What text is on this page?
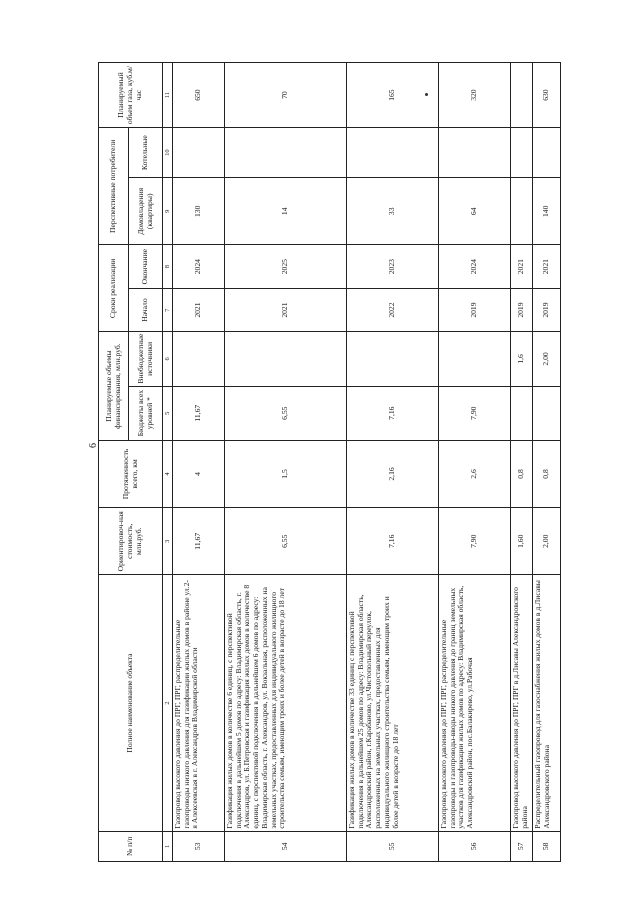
6
№ п/п	Полное наименование объекта	Ориентировоч-ная стоимость, млн.руб.	Протяженность всего, км	Планируемые объемы финансирования, млн.руб.		Сроки реализации		Перспективные потребители		Планируемый объем газа, куб.м/час
				Бюджеты всех уровней *	Внебюджетные источники	Начало	Окончание	Домовладения (квартиры)	Котельные	
1	2	3	4	5	6	7	8	9	10	11
53	Газопровод высокого давления до ПРГ, ПРГ, распределительные газопроводы низкого давления для газификации жилых домов в районе ул.2-я Алексеевская в г. Александров Владимирской области	11,67	4	11,67		2021	2024	130		650
54	Газификация жилых домов в количестве 6 единиц, с перспективой подключения в дальнейшем 5 домов по адресу: Владимирская область, г. Александров, ул. Б.Петровская и газификация жилых домов в количестве 8 единиц, с перспективой подключения в дальнейшем 6 домов по адресу: Владимирская область, г. Александров, ул. Вокзальная, расположенных на земельных участках, предоставленных для индивидуального жилищного строительства семьям, имеющим троих и более детей в возрасте до 18 лет	6,55	1,5	6,55		2021	2025	14		70
55	Газификация жилых домов в количестве 33 единиц с перспективой подключения в дальнейшем 25 домов по адресу: Владимирская область, Александровский район, г.Карабаново, ул.Чистопольный переулок, расположенных на земельных участках, предоставленных для индивидуального жилищного строительства семьям, имеющим троих и более детей в возрасте до 18 лет	7,16	2,16	7,16		2022	2023	33		165
56	Газопровод высокого давления до ПРГ, ПРГ, распределительные газопроводы и газопроводы-вводы низкого давления до границ земельных участков для газификации жилых домов по адресу: Владимирская область, Александровский район, пос.Балакирево, ул.Рабочая	7,90	2,6	7,90		2019	2024	64		320
57	Газопровод высокого давления до ПРГ, ПРГ в д.Лисавы Александровского района	1,60	0,8		1,6	2019	2021			
58	Распределительный газопровод для газоснабжения жилых домов в д.Лисавы Александровского района	2,00	0,8		2,00	2019	2021	140		630
